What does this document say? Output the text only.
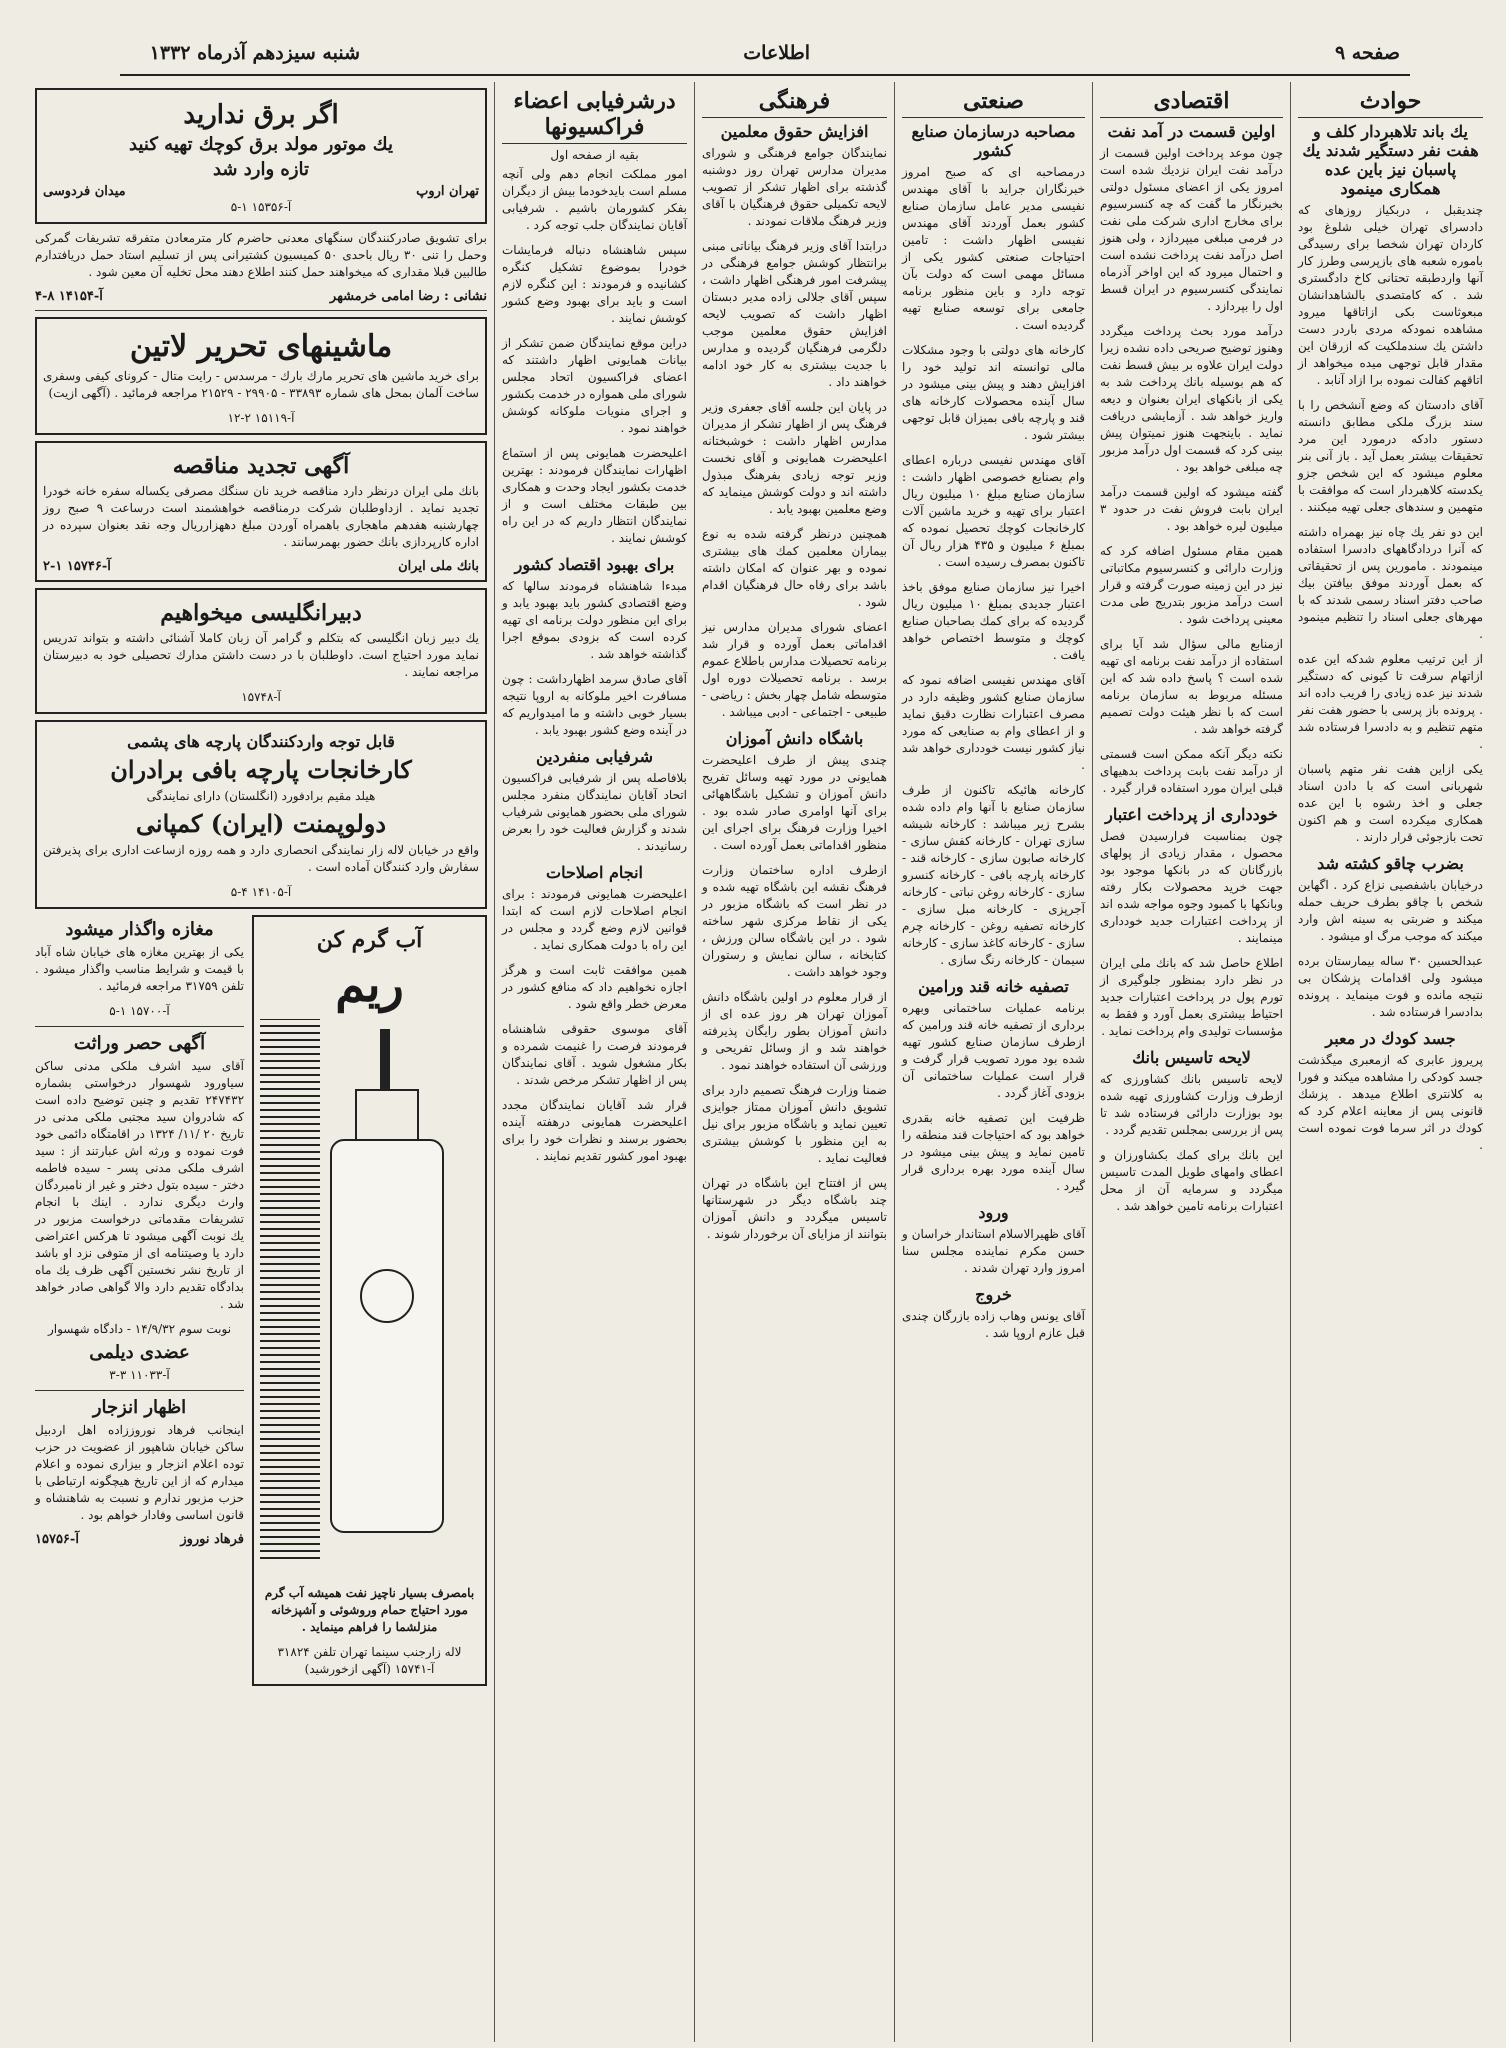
صفحه ۹
اطلاعات
شنبه سیزدهم آذرماه ۱۳۳۲
حوادث
یك باند تلاهبردار كلف و هفت نفر دستگیر شدند یك پاسبان نیز باین عده همكاری مینمود
چندیقبل ، دربكیاز روزهای كه دادسرای تهران خیلی شلوغ بود كاردان تهران شخصا برای رسیدگی باموره شعبه های بازپرسی وطرز كار آنها واردطبقه تحتانی كاخ دادگستری شد . كه كامتصدی بالشاهدانشان مبعوثاست بكی ازاتاقها میرود مشاهده نمودكه مردی باردر دست داشتن یك سندملكیت كه ازرقان این مقدار قابل توجهی میده میخواهد از اتاقهم كفالت نموده برا ازاد آنابد .
آقای دادستان كه وضع آنشخص را با سند بزرگ ملكی مطابق دانسته دستور دادكه درمورد این مرد تحقیقات بیشتر بعمل آید . باز آنی بنر معلوم میشود كه این شخص جزو یكدسته كلاهبردار است كه موافقت با متهمین و سندهای جعلی تهیه میكنند .
این دو نفر یك چاه نیز بهمراه داشته كه آنرا دردادگاههای دادسرا استفاده مینمودند . مامورین پس از تحقیقاتی كه بعمل آوردند موفق بیافتن بیك صاحب دفتر اسناد رسمی شدند كه با مهرهای جعلی اسناد را تنظیم مینمود .
از این ترتیب معلوم شدكه این عده ازاتهام سرقت تا كیونی كه دستگیر شدند نیز عده زیادی را فریب داده اند . پرونده باز پرسی با حضور هفت نفر متهم تنظیم و به دادسرا فرستاده شد .
یكی ازاین هفت نفر متهم پاسبان شهربانی است كه با دادن اسناد جعلی و اخذ رشوه با این عده همكاری میكرده است و هم اكنون تحت بازجوئی قرار دارند .
بضرب چاقو كشته شد
درخیابان باشفصیی نزاع كرد . اگهاین شخص با چاقو بطرف حریف حمله میكند و ضربتی به سینه اش وارد میكند كه موجب مرگ او میشود .
عبدالحسین ۳۰ ساله بیمارستان برده میشود ولی اقدامات پزشكان بی نتیجه مانده و فوت مینماید . پرونده بدادسرا فرستاده شد .
جسد كودك در معبر
پریروز عابری كه ازمعبری میگذشت جسد كودكی را مشاهده میكند و فورا به كلانتری اطلاع میدهد . پزشك قانونی پس از معاینه اعلام كرد كه كودك در اثر سرما فوت نموده است .
اقتصادی
اولین قسمت در آمد نفت
چون موعد پرداخت اولین قسمت از درآمد نفت ایران نزدیك شده است امروز یكی از اعضای مسئول دولتی بخبرنگار ما گفت كه چه كنسرسیوم برای مخارج اداری شركت ملی نفت در فرمی مبلغی میپردازد ، ولی هنوز اصل درآمد نفت پرداخت نشده است و احتمال میرود كه این اواخر آذرماه نمایندگی كنسرسیوم در ایران قسط اول را بپردازد .
درآمد مورد بحث پرداخت میگردد وهنوز توضیح صریحی داده نشده زیرا دولت ایران علاوه بر بیش قسط نفت كه هم بوسیله بانك پرداخت شد به یكی از بانكهای ایران بعنوان و دیعه واریز خواهد شد . آزمایشی دریافت نماید . باینجهت هنوز نمیتوان پیش بینی كرد كه قسمت اول درآمد مزبور چه مبلغی خواهد بود .
گفته میشود كه اولین قسمت درآمد ایران بابت فروش نفت در حدود ۳ میلیون لیره خواهد بود .
همین مقام مسئول اضافه كرد كه وزارت دارائی و كنسرسیوم مكاتباتی نیز در این زمینه صورت گرفته و قرار است درآمد مزبور بتدریج طی مدت معینی پرداخت شود .
ازمنابع مالی سؤال شد آیا برای استفاده از درآمد نفت برنامه ای تهیه شده است ؟ پاسخ داده شد كه این مسئله مربوط به سازمان برنامه است كه با نظر هیئت دولت تصمیم گرفته خواهد شد .
نكته دیگر آنكه ممكن است قسمتی از درآمد نفت بابت پرداخت بدهیهای قبلی ایران مورد استفاده قرار گیرد .
خودداری از پرداخت اعتبار
چون بمناسبت فرارسیدن فصل محصول ، مقدار زیادی از پولهای بازرگانان كه در بانكها موجود بود جهت خرید محصولات بكار رفته وبانكها با كمبود وجوه مواجه شده اند از پرداخت اعتبارات جدید خودداری مینمایند .
اطلاع حاصل شد كه بانك ملی ایران در نظر دارد بمنظور جلوگیری از تورم پول در پرداخت اعتبارات جدید احتیاط بیشتری بعمل آورد و فقط به مؤسسات تولیدی وام پرداخت نماید .
لایحه تاسیس بانك
لایحه تاسیس بانك كشاورزی كه ازطرف وزارت كشاورزی تهیه شده بود بوزارت دارائی فرستاده شد تا پس از بررسی بمجلس تقدیم گردد .
این بانك برای كمك بكشاورزان و اعطای وامهای طویل المدت تاسیس میگردد و سرمایه آن از محل اعتبارات برنامه تامین خواهد شد .
صنعتی
مصاحبه درسازمان صنایع كشور
درمصاحبه ای كه صبح امروز خبرنگاران جراید با آقای مهندس نفیسی مدیر عامل سازمان صنایع كشور بعمل آوردند آقای مهندس نفیسی اظهار داشت : تامین احتیاجات صنعتی كشور یكی از مسائل مهمی است كه دولت بآن توجه دارد و باین منظور برنامه جامعی برای توسعه صنایع تهیه گردیده است .
كارخانه های دولتی با وجود مشكلات مالی توانسته اند تولید خود را افزایش دهند و پیش بینی میشود در سال آینده محصولات كارخانه های قند و پارچه بافی بمیزان قابل توجهی بیشتر شود .
آقای مهندس نفیسی درباره اعطای وام بصنایع خصوصی اظهار داشت : سازمان صنایع مبلغ ۱۰ میلیون ریال اعتبار برای تهیه و خرید ماشین آلات كارخانجات كوچك تحصیل نموده كه بمبلغ ۶ میلیون و ۴۳۵ هزار ریال آن تاكنون بمصرف رسیده است .
اخیرا نیز سازمان صنایع موفق باخذ اعتبار جدیدی بمبلغ ۱۰ میلیون ریال گردیده كه برای كمك بصاحبان صنایع كوچك و متوسط اختصاص خواهد یافت .
آقای مهندس نفیسی اضافه نمود كه سازمان صنایع كشور وظیفه دارد در مصرف اعتبارات نظارت دقیق نماید و از اعطای وام به صنایعی كه مورد نیاز كشور نیست خودداری خواهد شد .
كارخانه هائیكه تاكنون از طرف سازمان صنایع با آنها وام داده شده بشرح زیر میباشد : كارخانه شیشه سازی تهران - كارخانه كفش سازی - كارخانه صابون سازی - كارخانه قند - كارخانه پارچه بافی - كارخانه كنسرو سازی - كارخانه روغن نباتی - كارخانه آجرپزی - كارخانه مبل سازی - كارخانه تصفیه روغن - كارخانه چرم سازی - كارخانه كاغذ سازی - كارخانه سیمان - كارخانه رنگ سازی .
تصفیه خانه قند ورامین
برنامه عملیات ساختمانی وبهره برداری از تصفیه خانه قند ورامین كه ازطرف سازمان صنایع كشور تهیه شده بود مورد تصویب قرار گرفت و قرار است عملیات ساختمانی آن بزودی آغاز گردد .
ظرفیت این تصفیه خانه بقدری خواهد بود كه احتیاجات قند منطقه را تامین نماید و پیش بینی میشود در سال آینده مورد بهره برداری قرار گیرد .
ورود
آقای ظهیرالاسلام استاندار خراسان و حسن مكرم نماینده مجلس سنا امروز وارد تهران شدند .
خروج
آقای یونس وهاب زاده بازرگان چندی قبل عازم اروپا شد .
فرهنگی
افزایش حقوق معلمین
نمایندگان جوامع فرهنگی و شورای مدیران مدارس تهران روز دوشنبه گذشته برای اظهار تشكر از تصویب لایحه تكمیلی حقوق فرهنگیان با آقای وزیر فرهنگ ملاقات نمودند .
درابتدا آقای وزیر فرهنگ بیاناتی مبنی برانتظار كوشش جوامع فرهنگی در پیشرفت امور فرهنگی اظهار داشت ، سپس آقای جلالی زاده مدیر دبستان اظهار داشت كه تصویب لایحه افزایش حقوق معلمین موجب دلگرمی فرهنگیان گردیده و مدارس با جدیت بیشتری به كار خود ادامه خواهند داد .
در پایان این جلسه آقای جعفری وزیر فرهنگ پس از اظهار تشكر از مدیران مدارس اظهار داشت : خوشبختانه اعلیحضرت همایونی و آقای نخست وزیر توجه زیادی بفرهنگ مبذول داشته اند و دولت كوشش مینماید كه وضع معلمین بهبود یابد .
همچنین درنظر گرفته شده به نوع بیماران معلمین كمك های بیشتری نموده و بهر عنوان كه امكان داشته باشد برای رفاه حال فرهنگیان اقدام شود .
اعضای شورای مدیران مدارس نیز اقداماتی بعمل آورده و قرار شد برنامه تحصیلات مدارس باطلاع عموم برسد . برنامه تحصیلات دوره اول متوسطه شامل چهار بخش : ریاضی - طبیعی - اجتماعی - ادبی میباشد .
باشگاه دانش آموزان
چندی پیش از طرف اعلیحضرت همایونی در مورد تهیه وسائل تفریح دانش آموزان و تشكیل باشگاههائی برای آنها اوامری صادر شده بود . اخیرا وزارت فرهنگ برای اجرای این منظور اقداماتی بعمل آورده است .
ازطرف اداره ساختمان وزارت فرهنگ نقشه این باشگاه تهیه شده و در نظر است كه باشگاه مزبور در یكی از نقاط مركزی شهر ساخته شود . در این باشگاه سالن ورزش ، كتابخانه ، سالن نمایش و رستوران وجود خواهد داشت .
از قرار معلوم در اولین باشگاه دانش آموزان تهران هر روز عده ای از دانش آموزان بطور رایگان پذیرفته خواهند شد و از وسائل تفریحی و ورزشی آن استفاده خواهند نمود .
ضمنا وزارت فرهنگ تصمیم دارد برای تشویق دانش آموزان ممتاز جوایزی تعیین نماید و باشگاه مزبور برای نیل به این منظور با كوشش بیشتری فعالیت نماید .
پس از افتتاح این باشگاه در تهران چند باشگاه دیگر در شهرستانها تاسیس میگردد و دانش آموزان بتوانند از مزایای آن برخوردار شوند .
درشرفیابی اعضاء فراكسیونها
بقیه از صفحه اول
امور مملكت انجام دهم ولی آنچه مسلم است بایدخودما بیش از دیگران بفكر كشورمان باشیم . شرفیابی آقایان نمایندگان جلب توجه كرد .
سپس شاهنشاه دنباله فرمایشات خودرا بموضوع تشكیل كنگره كشانیده و فرمودند : این كنگره لازم است و باید برای بهبود وضع كشور كوشش نمایند .
دراین موقع نمایندگان ضمن تشكر از بیانات همایونی اظهار داشتند كه اعضای فراكسیون اتحاد مجلس شورای ملی همواره در خدمت بكشور و اجرای منویات ملوكانه كوشش خواهند نمود .
اعلیحضرت همایونی پس از استماع اظهارات نمایندگان فرمودند : بهترین خدمت بكشور ایجاد وحدت و همكاری بین طبقات مختلف است و از نمایندگان انتظار داریم كه در این راه كوشش نمایند .
برای بهبود اقتصاد كشور
مبدءا شاهنشاه فرمودند سالها كه وضع اقتصادی كشور باید بهبود یابد و برای این منظور دولت برنامه ای تهیه كرده است كه بزودی بموقع اجرا گذاشته خواهد شد .
آقای صادق سرمد اظهارداشت : چون مسافرت اخیر ملوكانه به اروپا نتیجه بسیار خوبی داشته و ما امیدواریم كه در آینده وضع كشور بهبود یابد .
شرفیابی منفردین
بلافاصله پس از شرفیابی فراكسیون اتحاد آقایان نمایندگان منفرد مجلس شورای ملی بحضور همایونی شرفیاب شدند و گزارش فعالیت خود را بعرض رسانیدند .
انجام اصلاحات
اعلیحضرت همایونی فرمودند : برای انجام اصلاحات لازم است كه ابتدا قوانین لازم وضع گردد و مجلس در این راه با دولت همكاری نماید .
همین موافقت ثابت است و هرگز اجازه نخواهیم داد كه منافع كشور در معرض خطر واقع شود .
آقای موسوی حقوقی شاهنشاه فرمودند فرصت را غنیمت شمرده و بكار مشغول شوید . آقای نمایندگان پس از اظهار تشكر مرخص شدند .
قرار شد آقایان نمایندگان مجدد اعلیحضرت همایونی درهفته آینده بحضور برسند و نظرات خود را برای بهبود امور كشور تقدیم نمایند .
اگر برق ندارید
یك موتور مولد برق كوچك تهیه كنید
تازه وارد شد
تهران اروپ
میدان فردوسی
آ-۱۵۳۵۶ ۱-۵
برای تشویق صادركنندگان سنگهای معدنی حاضرم كار مترمعادن متفرقه تشریفات گمركی وحمل را تنی ۳۰ ریال باحدی ۵۰ كمیسیون كشتیرانی پس از تسلیم استاد حمل دریافتدارم طالبین قبلا مقداری كه میخواهند حمل كنند اطلاع دهند محل تخلیه آن معین شود .
نشانی : رضا امامی خرمشهر
آ-۱۴۱۵۴ ۸-۴
ماشینهای تحریر لاتین
برای خرید ماشین های تحریر مارك بارك - مرسدس - رایت متال - كرونای كیفی وسفری ساخت آلمان بمحل های شماره ۳۳۸۹۳ - ۲۹۹۰۵ - ۲۱۵۲۹ مراجعه فرمائید . (آگهی ازیت)
آ-۱۵۱۱۹ ۲-۱۲
آگهی تجدید مناقصه
بانك ملی ایران درنظر دارد مناقصه خرید نان سنگك مصرفی یكساله سفره خانه خودرا تجدید نماید . ازداوطلبان شركت درمناقصه خواهشمند است درساعت ۹ صبح روز چهارشنبه هفدهم ماهجاری باهمراه آوردن مبلغ دههزارریال وجه نقد بعنوان سپرده در اداره كارپردازی بانك حضور بهمرسانند .
بانك ملی ایران
آ-۱۵۷۴۶ ۱-۲
دبیرانگلیسی میخواهیم
یك دبیر زبان انگلیسی كه بتكلم و گرامر آن زبان كاملا آشنائی داشته و بتواند تدریس نماید مورد احتیاج است. داوطلبان با در دست داشتن مدارك تحصیلی خود به دبیرستان مراجعه نمایند .
آ-۱۵۷۴۸
قابل توجه واردكنندگان پارچه های پشمی
كارخانجات پارچه بافی برادران
هیلد مقیم برادفورد (انگلستان) دارای نمایندگی
دولوپمنت (ایران) كمپانی
واقع در خیابان لاله زار نمایندگی انحصاری دارد و همه روزه ازساعت اداری برای پذیرفتن سفارش وارد كنندگان آماده است .
آ-۱۴۱۰۵ ۴-۵
مغازه واگذار میشود
یكی از بهترین مغازه های خیابان شاه آباد با قیمت و شرایط مناسب واگذار میشود . تلفن ۳۱۷۵۹ مراجعه فرمائید .
آ-۱۵۷۰۰ ۱-۵
آگهی حصر وراثت
آقای سید اشرف ملكی مدنی ساكن سیاورود شهسوار درخواستی بشماره ۲۴۷۴۳۲ تقدیم و چنین توضیح داده است كه شادروان سید مجتبی ملكی مدنی در تاریخ ۲۰ /۱۱/ ۱۳۲۴ در اقامتگاه دائمی خود فوت نموده و ورثه اش عبارتند از : سید اشرف ملكی مدنی پسر - سیده فاطمه دختر - سیده بتول دختر و غیر از نامبردگان وارث دیگری ندارد . اینك با انجام تشریفات مقدماتی درخواست مزبور در یك نوبت آگهی میشود تا هركس اعتراضی دارد یا وصیتنامه ای از متوفی نزد او باشد از تاریخ نشر نخستین آگهی ظرف یك ماه بدادگاه تقدیم دارد والا گواهی صادر خواهد شد .
نوبت سوم ۱۴/۹/۳۲ - دادگاه شهسوار
عضدی دیلمی
آ-۱۱۰۳۳ ۳-۳
اظهار انزجار
اینجانب فرهاد نوروززاده اهل اردبیل ساكن خیابان شاهپور از عضویت در حزب توده اعلام انزجار و بیزاری نموده و اعلام میدارم كه از این تاریخ هیچگونه ارتباطی با حزب مزبور ندارم و نسبت به شاهنشاه و قانون اساسی وفادار خواهم بود .
فرهاد نوروز
آ-۱۵۷۵۶
آب گرم كن
ریم
بامصرف بسیار ناچیز نفت همیشه آب گرم مورد احتیاج حمام وروشوئی و آشپزخانه منزلشما را فراهم مینماید .
لاله زارجنب سینما تهران تلفن ۳۱۸۲۴
آ-۱۵۷۴۱ (آگهی ازخورشید)
